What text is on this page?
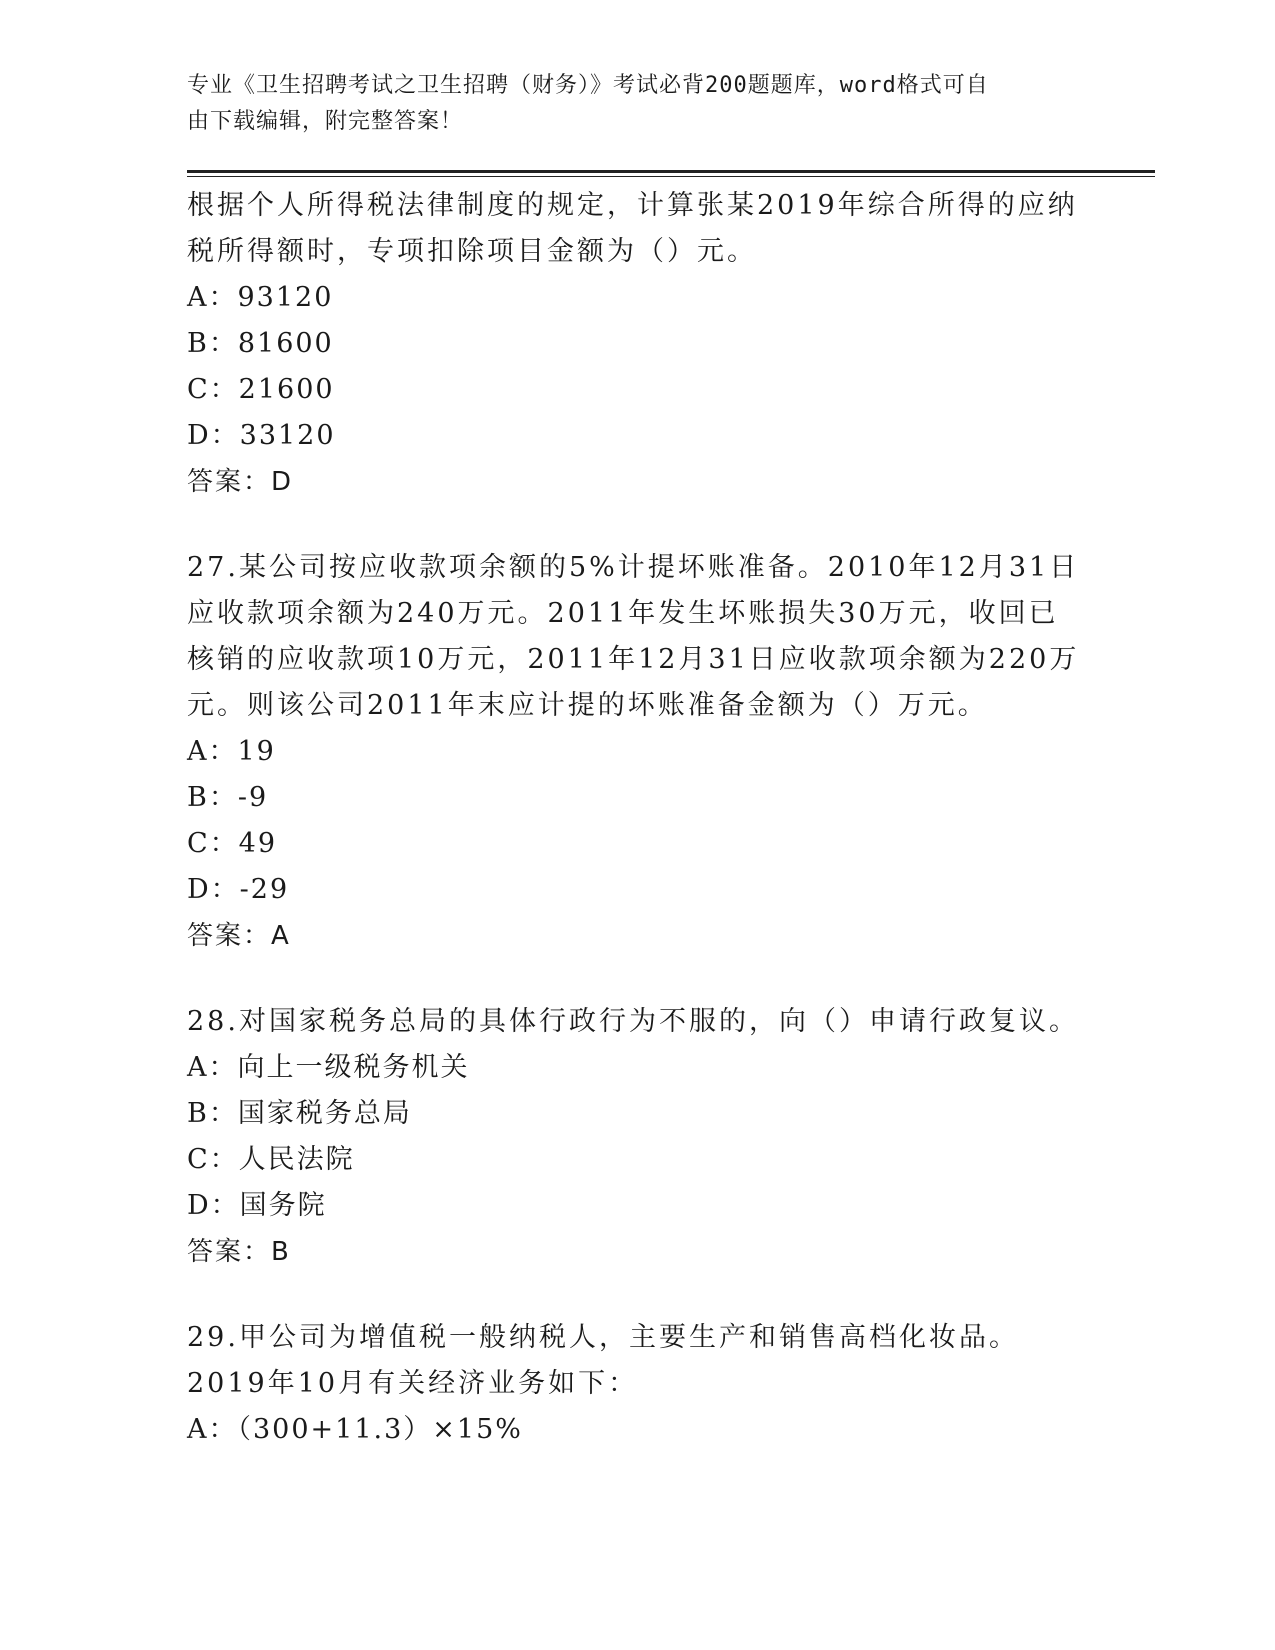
专业《卫生招聘考试之卫生招聘（财务）》考试必背200题题库，word格式可自
由下载编辑，附完整答案！

根据个人所得税法律制度的规定，计算张某2019年综合所得的应纳税所得额时，专项扣除项目金额为（）元。

A：93120

B：81600

C：21600

D：33120

答案：D

27.某公司按应收款项余额的5%计提坏账准备。2010年12月31日应收款项余额为240万元。2011年发生坏账损失30万元，收回已核销的应收款项10万元，2011年12月31日应收款项余额为220万元。则该公司2011年末应计提的坏账准备金额为（）万元。

A：19

B：-9

C：49

D：-29

答案：A

28.对国家税务总局的具体行政行为不服的，向（）申请行政复议。

A：向上一级税务机关

B：国家税务总局

C：人民法院

D：国务院

答案：B

29.甲公司为增值税一般纳税人，主要生产和销售高档化妆品。2019年10月有关经济业务如下：

A：（300+11.3）×15%
